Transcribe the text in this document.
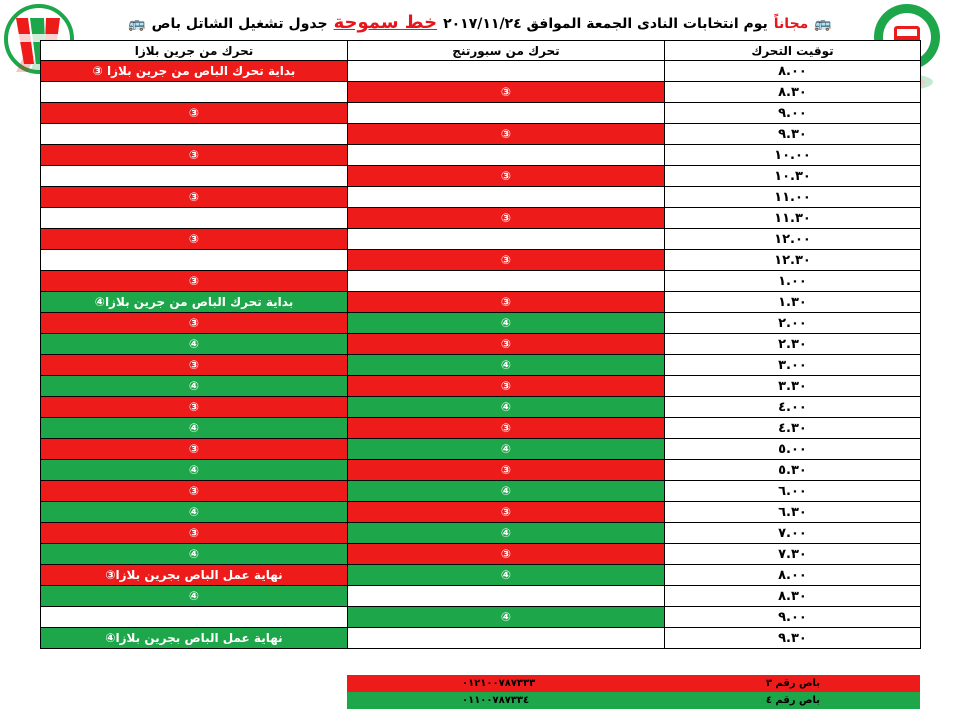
🚌 جدول تشغيل الشاتل باص خط سموحة يوم انتخابات النادى الجمعة الموافق ٢٠١٧/١١/٢٤ مجاناً 🚌
تحرك من جرين بلازا	تحرك من سبورتنج	توقيت التحرك
③ بداية تحرك الباص من جرين بلازا		٨.٠٠
	③	٨.٣٠
③		٩.٠٠
	③	٩.٣٠
③		١٠.٠٠
	③	١٠.٣٠
③		١١.٠٠
	③	١١.٣٠
③		١٢.٠٠
	③	١٢.٣٠
③		١.٠٠
④بداية تحرك الباص من جرين بلازا	③	١.٣٠
③	④	٢.٠٠
④	③	٢.٣٠
③	④	٣.٠٠
④	③	٣.٣٠
③	④	٤.٠٠
④	③	٤.٣٠
③	④	٥.٠٠
④	③	٥.٣٠
③	④	٦.٠٠
④	③	٦.٣٠
③	④	٧.٠٠
④	③	٧.٣٠
③نهاية عمل الباص بجرين بلازا	④	٨.٠٠
④		٨.٣٠
	④	٩.٠٠
④نهاية عمل الباص بجرين بلازا		٩.٣٠
٠١٢١٠٠٧٨٧٣٣٣	باص رقم ٣
٠١١٠٠٧٨٧٣٣٤	باص رقم ٤
